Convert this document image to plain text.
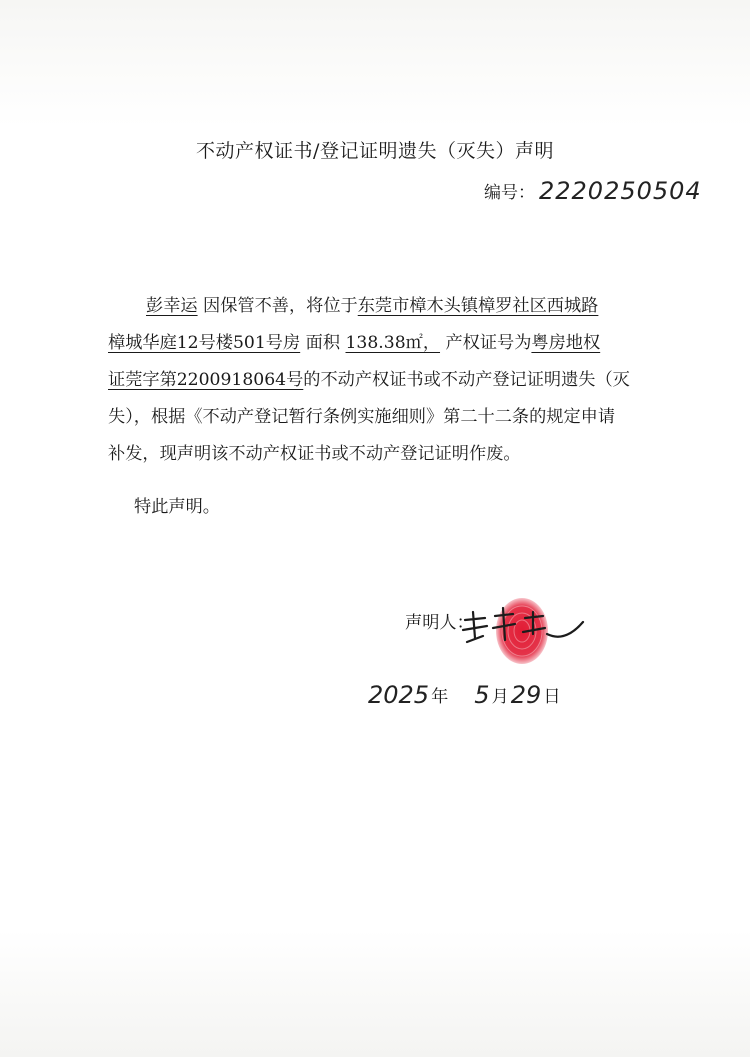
不动产权证书/登记证明遗失（灭失）声明
编号： 2220250504
彭幸运 因保管不善，将位于东莞市樟木头镇樟罗社区西城路
樟城华庭12号楼501号房 面积 138.38㎡， 产权证号为粤房地权
证莞字第2200918064号的不动产权证书或不动产登记证明遗失（灭
失），根据《不动产登记暂行条例实施细则》第二十二条的规定申请
补发，现声明该不动产权证书或不动产登记证明作废。
特此声明。
声明人：
2025 年 5 月 29 日
